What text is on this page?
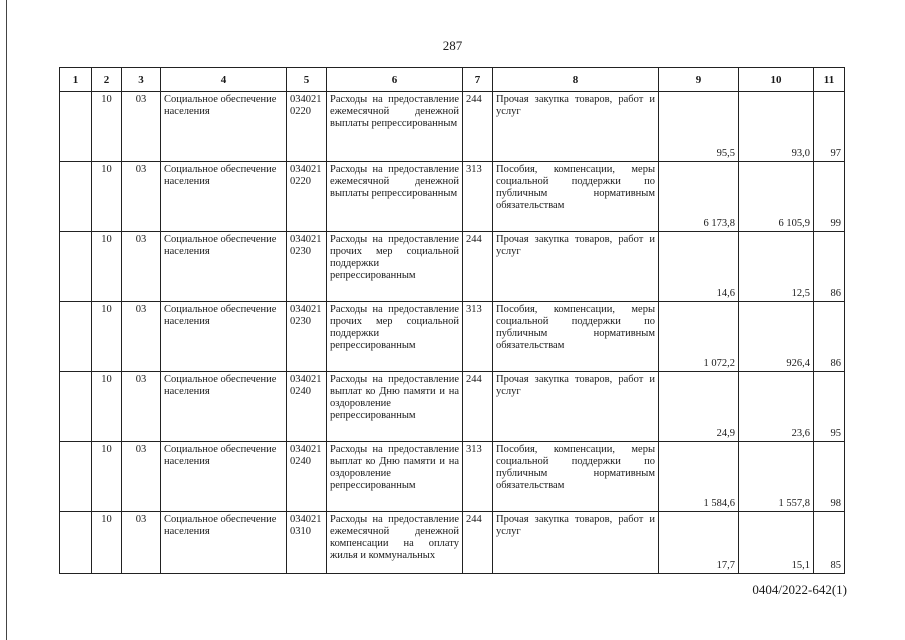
287
1	2	3	4	5	6	7	8	9	10	11
	10	03	Социальное обеспечение населения	034021 0220	Расходы на предоставление ежемесячной денежной выплаты репрессированным	244	Прочая закупка товаров, работ и услуг	95,5	93,0	97
	10	03	Социальное обеспечение населения	034021 0220	Расходы на предоставление ежемесячной денежной выплаты репрессированным	313	Пособия, компенсации, меры социальной поддержки по публичным нормативным обязательствам	6 173,8	6 105,9	99
	10	03	Социальное обеспечение населения	034021 0230	Расходы на предоставление прочих мер социальной поддержки репрессированным	244	Прочая закупка товаров, работ и услуг	14,6	12,5	86
	10	03	Социальное обеспечение населения	034021 0230	Расходы на предоставление прочих мер социальной поддержки репрессированным	313	Пособия, компенсации, меры социальной поддержки по публичным нормативным обязательствам	1 072,2	926,4	86
	10	03	Социальное обеспечение населения	034021 0240	Расходы на предоставление выплат ко Дню памяти и на оздоровление репрессированным	244	Прочая закупка товаров, работ и услуг	24,9	23,6	95
	10	03	Социальное обеспечение населения	034021 0240	Расходы на предоставление выплат ко Дню памяти и на оздоровление репрессированным	313	Пособия, компенсации, меры социальной поддержки по публичным нормативным обязательствам	1 584,6	1 557,8	98
	10	03	Социальное обеспечение населения	034021 0310	Расходы на предоставление ежемесячной денежной компенсации на оплату жилья и коммунальных	244	Прочая закупка товаров, работ и услуг	17,7	15,1	85
0404/2022-642(1)
